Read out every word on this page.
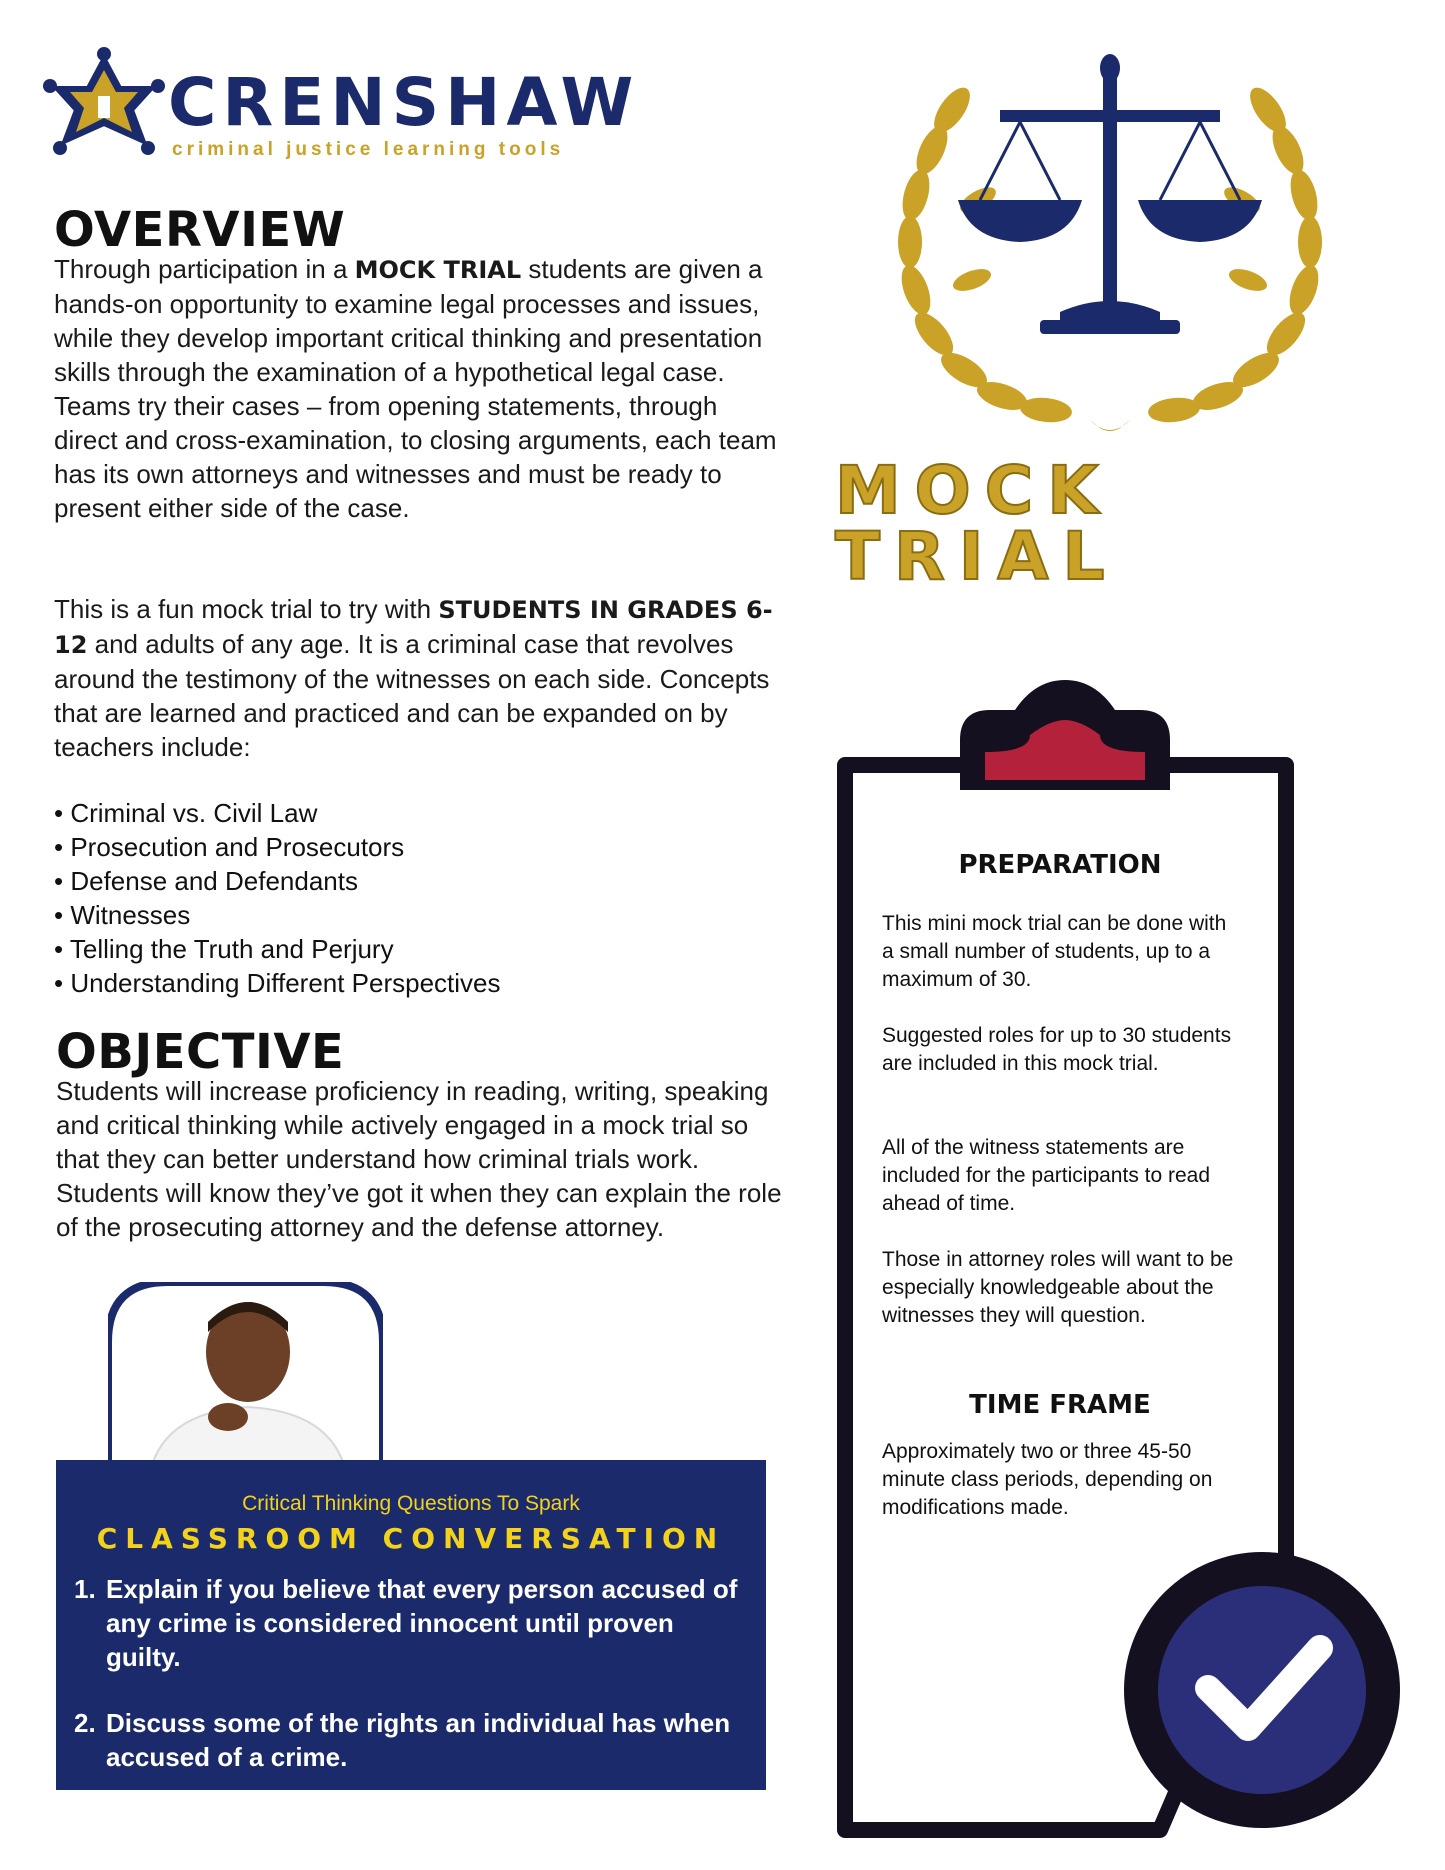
CRENSHAW
criminal justice learning tools
OVERVIEW

Through participation in a MOCK TRIAL students are given a hands-on opportunity to examine legal processes and issues, while they develop important critical thinking and presentation skills through the examination of a hypothetical legal case. Teams try their cases – from opening statements, through direct and cross-examination, to closing arguments, each team has its own attorneys and witnesses and must be ready to present either side of the case.

This is a fun mock trial to try with STUDENTS IN GRADES 6-12 and adults of any age. It is a criminal case that revolves around the testimony of the witnesses on each side. Concepts that are learned and practiced and can be expanded on by teachers include:

• Criminal vs. Civil Law
• Prosecution and Prosecutors
• Defense and Defendants
• Witnesses
• Telling the Truth and Perjury
• Understanding Different Perspectives
OBJECTIVE
Students will increase proficiency in reading, writing, speaking and critical thinking while actively engaged in a mock trial so that they can better understand how criminal trials work. Students will know they’ve got it when they can explain the role of the prosecuting attorney and the defense attorney.
MOCK TRIAL
PREPARATION
This mini mock trial can be done with a small number of students, up to a maximum of 30.
Suggested roles for up to 30 students are included in this mock trial.
All of the witness statements are included for the participants to read ahead of time.
Those in attorney roles will want to be especially knowledgeable about the witnesses they will question.
TIME FRAME
Approximately two or three 45-50 minute class periods, depending on modifications made.
Critical Thinking Questions To Spark
CLASSROOM CONVERSATION
1. Explain if you believe that every person accused of any crime is considered innocent until proven guilty.
2. Discuss some of the rights an individual has when accused of a crime.
